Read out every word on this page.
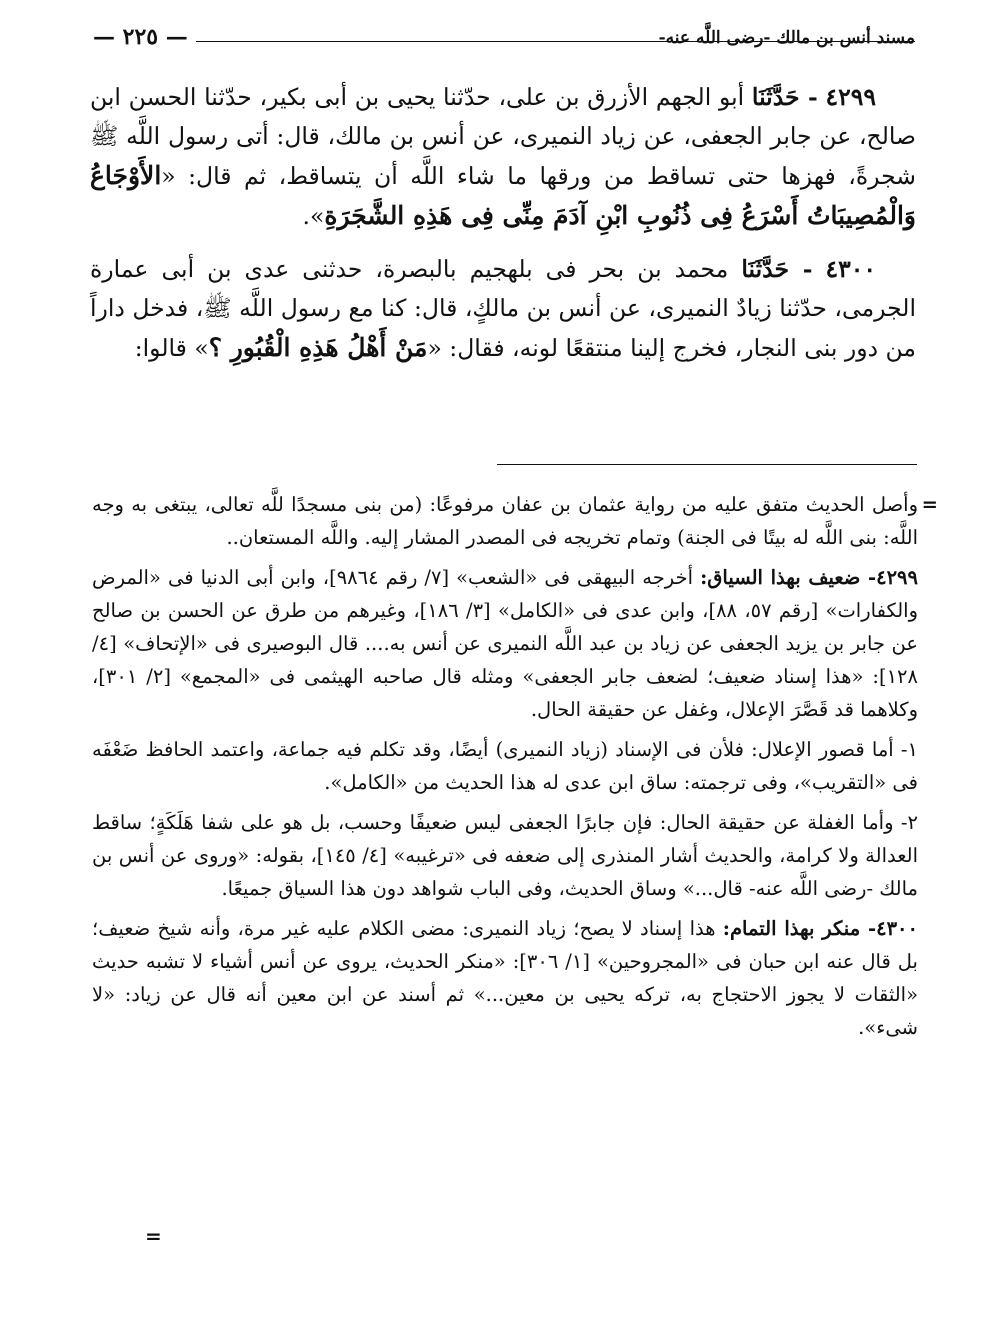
مسند أنس بن مالك -رضى اللَّه عنه-
— ٢٢٥ —

٤٢٩٩ - حَدَّثَنَا أبو الجهم الأزرق بن على، حدّثنا يحيى بن أبى بكير، حدّثنا الحسن ابن صالح، عن جابر الجعفى، عن زياد النميرى، عن أنس بن مالك، قال: أتى رسول اللَّه ﷺ شجرةً، فهزها حتى تساقط من ورقها ما شاء اللَّه أن يتساقط، ثم قال: «الأَوْجَاعُ وَالْمُصِيبَاتُ أَسْرَعُ فِى ذُنُوبِ ابْنِ آدَمَ مِنِّى فِى هَذِهِ الشَّجَرَةِ».

٤٣٠٠ - حَدَّثَنَا محمد بن بحر فى بلهجيم بالبصرة، حدثنى عدى بن أبى عمارة الجرمى، حدّثنا زيادٌ النميرى، عن أنس بن مالكٍ، قال: كنا مع رسول اللَّه ﷺ، فدخل داراً من دور بنى النجار، فخرج إلينا منتقعًا لونه، فقال: «مَنْ أَهْلُ هَذِهِ الْقُبُورِ ؟» قالوا:

=
وأصل الحديث متفق عليه من رواية عثمان بن عفان مرفوعًا: (من بنى مسجدًا للَّه تعالى، يبتغى به وجه اللَّه: بنى اللَّه له بيتًا فى الجنة) وتمام تخريجه فى المصدر المشار إليه. واللَّه المستعان..

٤٢٩٩- ضعيف بهذا السياق: أخرجه البيهقى فى «الشعب» [٧/ رقم ٩٨٦٤]، وابن أبى الدنيا فى «المرض والكفارات» [رقم ٥٧، ٨٨]، وابن عدى فى «الكامل» [٣/ ١٨٦]، وغيرهم من طرق عن الحسن بن صالح عن جابر بن يزيد الجعفى عن زياد بن عبد اللَّه النميرى عن أنس به.... قال البوصيرى فى «الإتحاف» [٤/ ١٢٨]: «هذا إسناد ضعيف؛ لضعف جابر الجعفى» ومثله قال صاحبه الهيثمى فى «المجمع» [٢/ ٣٠١]، وكلاهما قد قَصَّرَ الإعلال، وغفل عن حقيقة الحال.

١- أما قصور الإعلال: فلأن فى الإسناد (زياد النميرى) أيضًا، وقد تكلم فيه جماعة، واعتمد الحافظ ضَعْفَه فى «التقريب»، وفى ترجمته: ساق ابن عدى له هذا الحديث من «الكامل».

٢- وأما الغفلة عن حقيقة الحال: فإن جابرًا الجعفى ليس ضعيفًا وحسب، بل هو على شفا هَلَكَةٍ؛ ساقط العدالة ولا كرامة، والحديث أشار المنذرى إلى ضعفه فى «ترغيبه» [٤/ ١٤٥]، بقوله: «وروى عن أنس بن مالك -رضى اللَّه عنه- قال...» وساق الحديث، وفى الباب شواهد دون هذا السياق جميعًا.

٤٣٠٠- منكر بهذا التمام: هذا إسناد لا يصح؛ زياد النميرى: مضى الكلام عليه غير مرة، وأنه شيخ ضعيف؛ بل قال عنه ابن حبان فى «المجروحين» [١/ ٣٠٦]: «منكر الحديث، يروى عن أنس أشياء لا تشبه حديث «الثقات لا يجوز الاحتجاج به، تركه يحيى بن معين...» ثم أسند عن ابن معين أنه قال عن زياد: «لا شىء».

=
